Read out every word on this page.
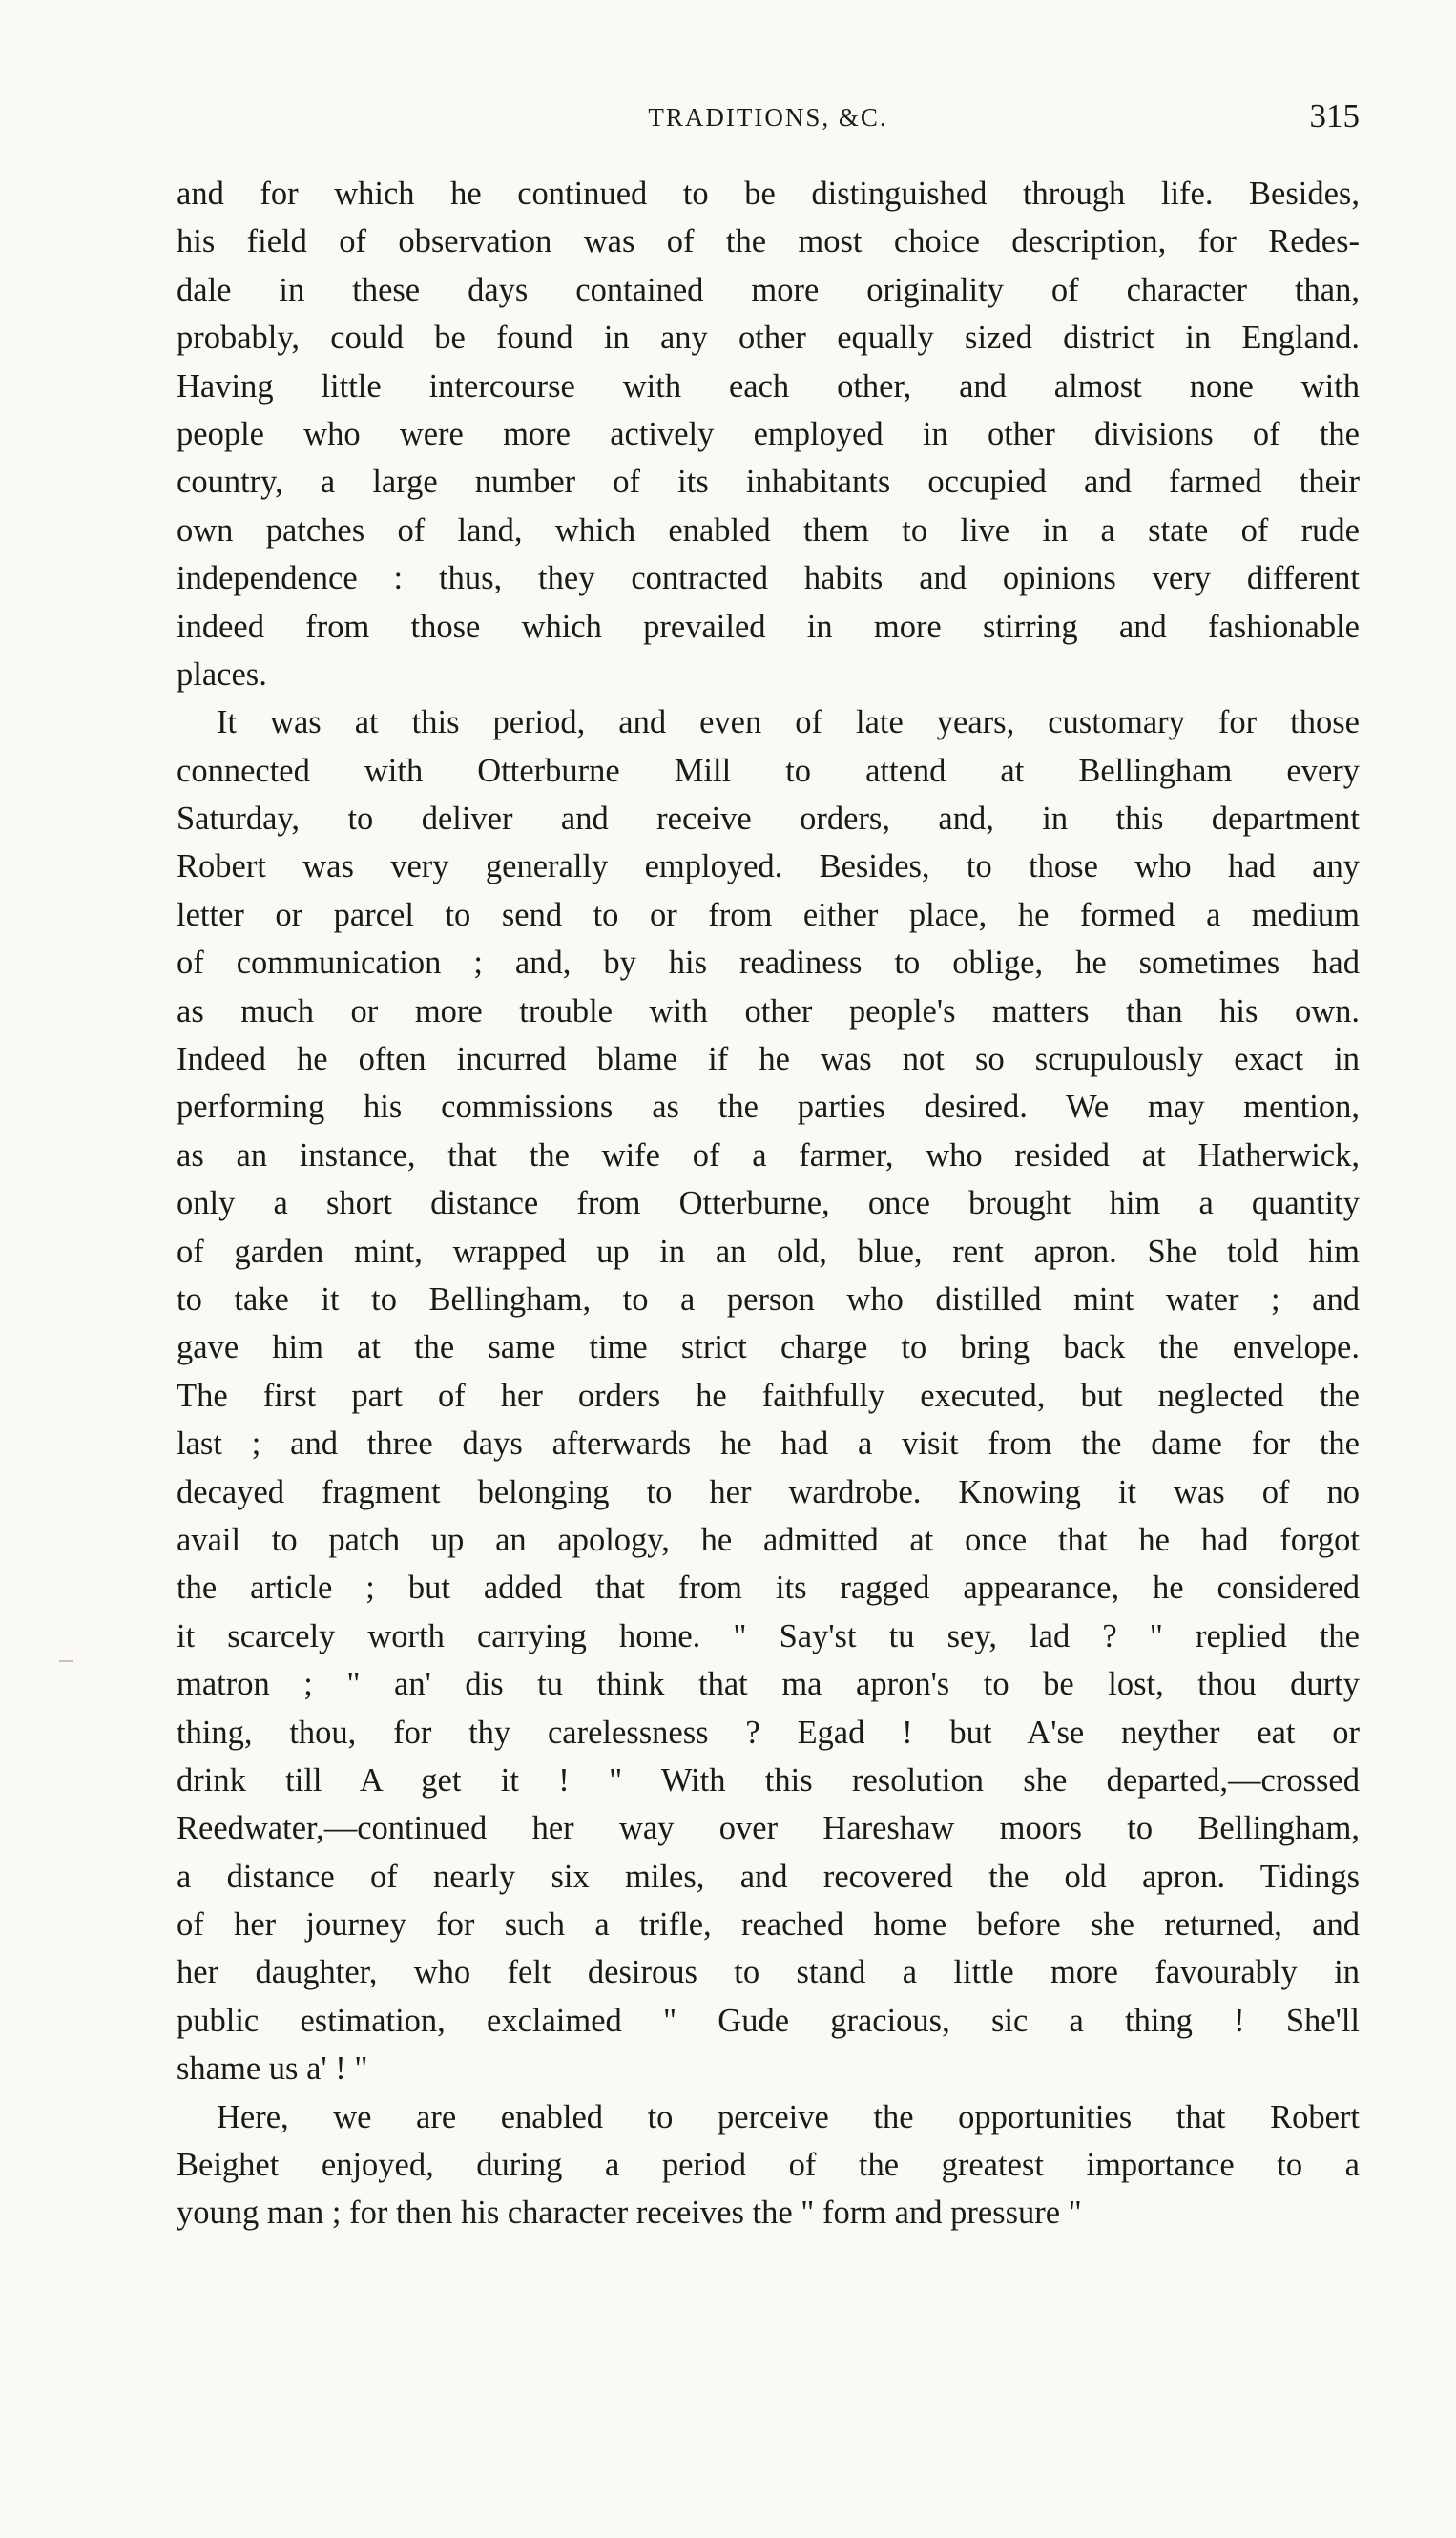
TRADITIONS, &C.	315
and for which he continued to be distinguished through life. Besides,
his field of observation was of the most choice description, for Redes-
dale in these days contained more originality of character than,
probably, could be found in any other equally sized district in England.
Having little intercourse with each other, and almost none with
people who were more actively employed in other divisions of the
country, a large number of its inhabitants occupied and farmed their
own patches of land, which enabled them to live in a state of rude
independence : thus, they contracted habits and opinions very different
indeed from those which prevailed in more stirring and fashionable
places.
It was at this period, and even of late years, customary for those
connected with Otterburne Mill to attend at Bellingham every
Saturday, to deliver and receive orders, and, in this department
Robert was very generally employed. Besides, to those who had any
letter or parcel to send to or from either place, he formed a medium
of communication ; and, by his readiness to oblige, he sometimes had
as much or more trouble with other people's matters than his own.
Indeed he often incurred blame if he was not so scrupulously exact in
performing his commissions as the parties desired. We may mention,
as an instance, that the wife of a farmer, who resided at Hatherwick,
only a short distance from Otterburne, once brought him a quantity
of garden mint, wrapped up in an old, blue, rent apron. She told him
to take it to Bellingham, to a person who distilled mint water ; and
gave him at the same time strict charge to bring back the envelope.
The first part of her orders he faithfully executed, but neglected the
last ; and three days afterwards he had a visit from the dame for the
decayed fragment belonging to her wardrobe. Knowing it was of no
avail to patch up an apology, he admitted at once that he had forgot
the article ; but added that from its ragged appearance, he considered
it scarcely worth carrying home. " Say'st tu sey, lad ? " replied the
matron ; " an' dis tu think that ma apron's to be lost, thou durty
thing, thou, for thy carelessness ? Egad ! but A'se neyther eat or
drink till A get it ! " With this resolution she departed,—crossed
Reedwater,—continued her way over Hareshaw moors to Bellingham,
a distance of nearly six miles, and recovered the old apron. Tidings
of her journey for such a trifle, reached home before she returned, and
her daughter, who felt desirous to stand a little more favourably in
public estimation, exclaimed " Gude gracious, sic a thing ! She'll
shame us a' ! "
Here, we are enabled to perceive the opportunities that Robert
Beighet enjoyed, during a period of the greatest importance to a
young man ; for then his character receives the " form and pressure "
